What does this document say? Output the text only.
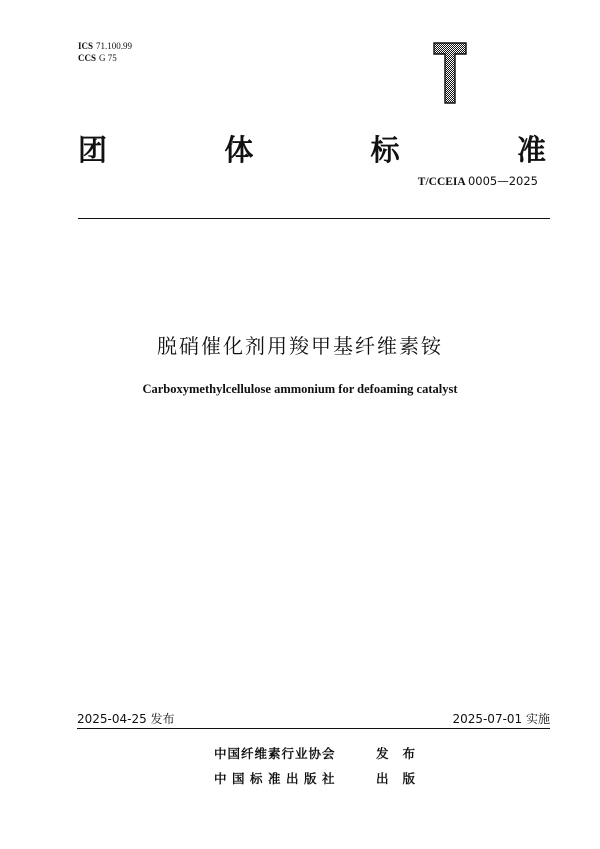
ICS 71.100.99
CCS G 75
团	体	标	准
T/CCEIA 0005—2025
脱硝催化剂用羧甲基纤维素铵
Carboxymethylcellulose ammonium for defoaming catalyst
2025-04-25 发布	2025-07-01 实施
中国纤维素行业协会	发布
中国标准出版社	出版
